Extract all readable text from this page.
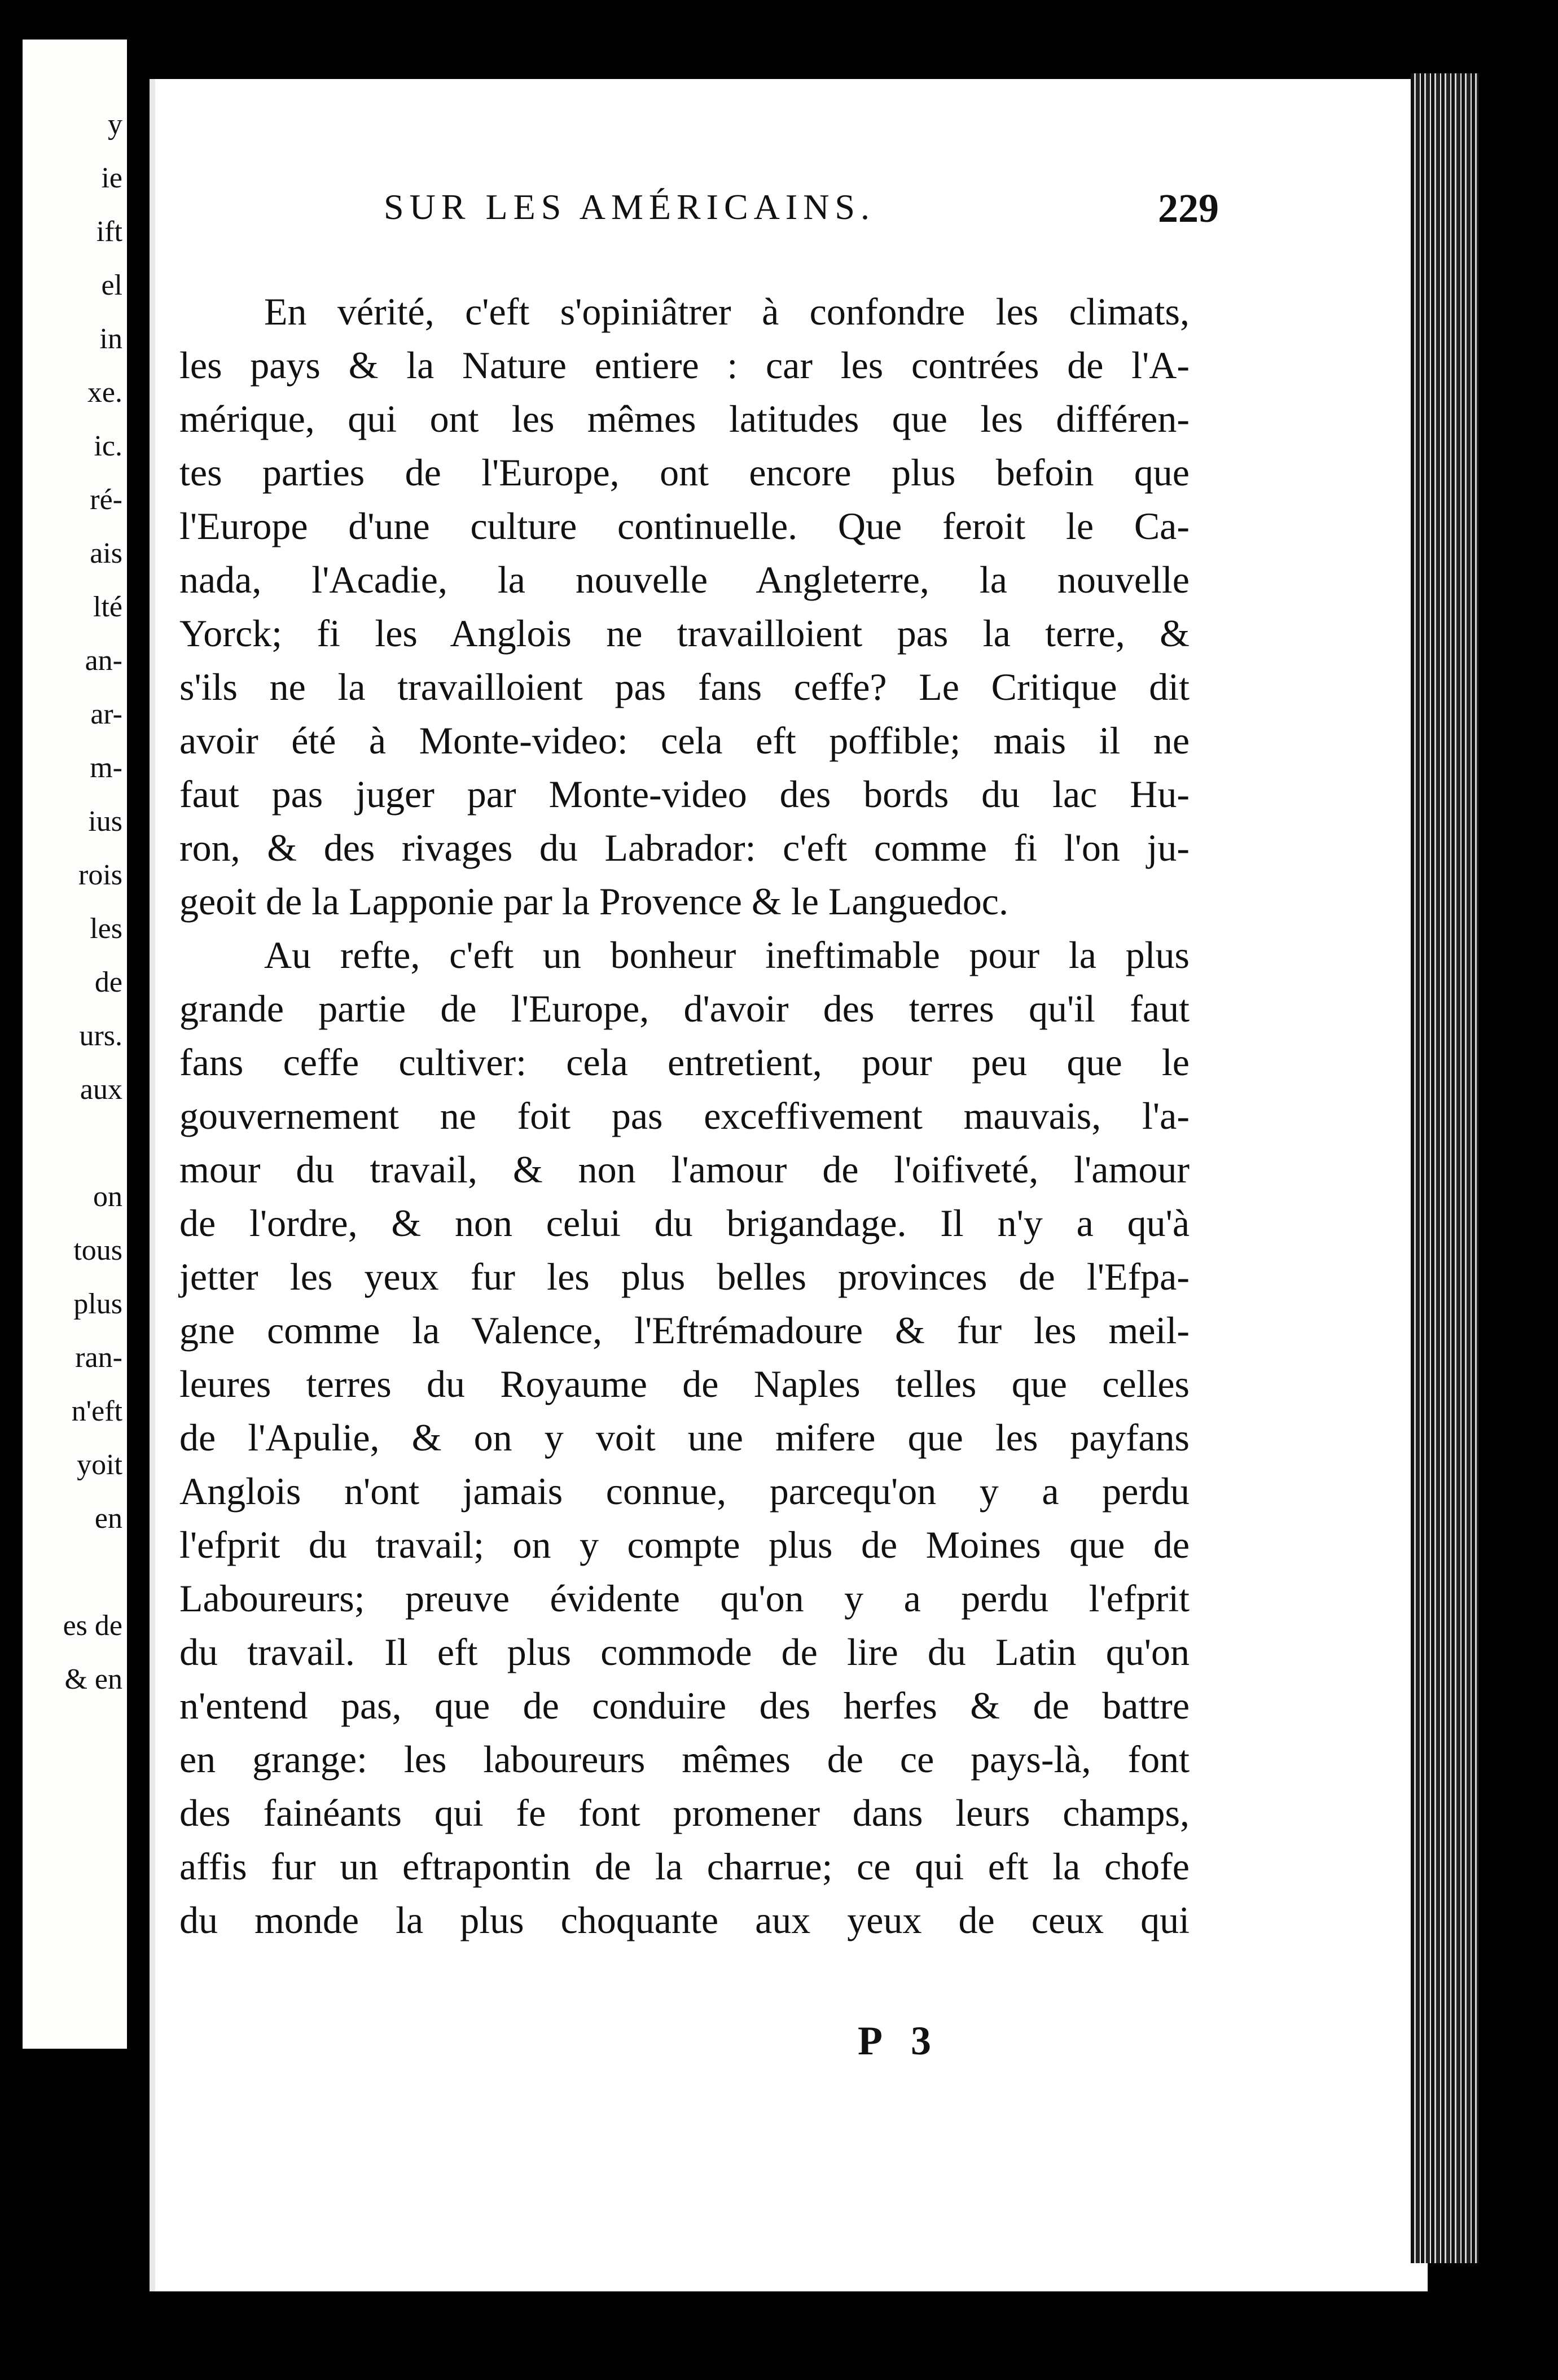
y
ie
ift
el
in
xe.
ic.
ré-
ais
lté
an-
ar-
m-
ius
rois
les
de
urs.
aux
on
tous
plus
ran-
n'eft
yoit
en
es de
& en
SUR LES AMÉRICAINS.	229
En vérité, c'eft s'opiniâtrer à confondre les climats,
les pays & la Nature entiere : car les contrées de l'A-
mérique, qui ont les mêmes latitudes que les différen-
tes parties de l'Europe, ont encore plus befoin que
l'Europe d'une culture continuelle. Que feroit le Ca-
nada, l'Acadie, la nouvelle Angleterre, la nouvelle
Yorck; fi les Anglois ne travailloient pas la terre, &
s'ils ne la travailloient pas fans ceffe? Le Critique dit
avoir été à Monte-video: cela eft poffible; mais il ne
faut pas juger par Monte-video des bords du lac Hu-
ron, & des rivages du Labrador: c'eft comme fi l'on ju-
geoit de la Lapponie par la Provence & le Languedoc.
Au refte, c'eft un bonheur ineftimable pour la plus
grande partie de l'Europe, d'avoir des terres qu'il faut
fans ceffe cultiver: cela entretient, pour peu que le
gouvernement ne foit pas exceffivement mauvais, l'a-
mour du travail, & non l'amour de l'oifiveté, l'amour
de l'ordre, & non celui du brigandage. Il n'y a qu'à
jetter les yeux fur les plus belles provinces de l'Efpa-
gne comme la Valence, l'Eftrémadoure & fur les meil-
leures terres du Royaume de Naples telles que celles
de l'Apulie, & on y voit une mifere que les payfans
Anglois n'ont jamais connue, parcequ'on y a perdu
l'efprit du travail; on y compte plus de Moines que de
Laboureurs; preuve évidente qu'on y a perdu l'efprit
du travail. Il eft plus commode de lire du Latin qu'on
n'entend pas, que de conduire des herfes & de battre
en grange: les laboureurs mêmes de ce pays-là, font
des fainéants qui fe font promener dans leurs champs,
affis fur un eftrapontin de la charrue; ce qui eft la chofe
du monde la plus choquante aux yeux de ceux qui
P 3
